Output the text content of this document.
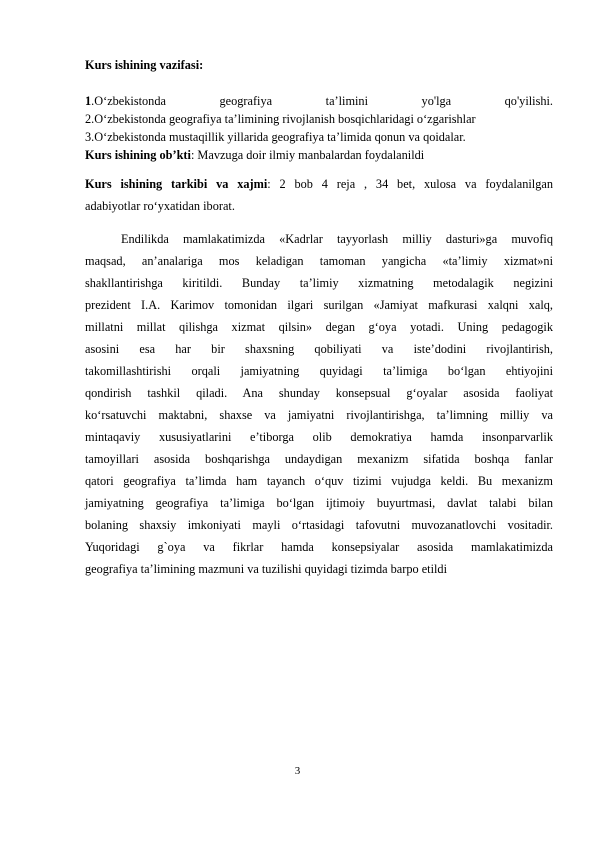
Kurs ishining vazifasi:
1.O‘zbekistonda geografiya ta’limini yo'lga qo'yilishi.
2.O‘zbekistonda geografiya ta’limining rivojlanish bosqichlaridagi o‘zgarishlar
3.O‘zbekistonda mustaqillik yillarida geografiya ta’limida qonun va qoidalar.
Kurs ishining ob’kti: Mavzuga doir ilmiy manbalardan foydalanildi
Kurs ishining tarkibi va xajmi: 2 bob 4 reja , 34 bet, xulosa va foydalanilgan
adabiyotlar ro‘yxatidan iborat.
Endilikda mamlakatimizda «Kadrlar tayyorlash milliy dasturi»ga muvofiq
maqsad, an’analariga mos keladigan tamoman yangicha «ta’limiy xizmat»ni
shakllantirishga kiritildi. Bunday ta’limiy xizmatning metodalagik negizini
prezident I.A. Karimov tomonidan ilgari surilgan «Jamiyat mafkurasi xalqni xalq,
millatni millat qilishga xizmat qilsin» degan g‘oya yotadi. Uning pedagogik
asosini esa har bir shaxsning qobiliyati va iste’dodini rivojlantirish,
takomillashtirishi orqali jamiyatning quyidagi ta’limiga bo‘lgan ehtiyojini
qondirish tashkil qiladi. Ana shunday konsepsual g‘oyalar asosida faoliyat
ko‘rsatuvchi maktabni, shaxse va jamiyatni rivojlantirishga, ta’limning milliy va
mintaqaviy xususiyatlarini e’tiborga olib demokratiya hamda insonparvarlik
tamoyillari asosida boshqarishga undaydigan mexanizm sifatida boshqa fanlar
qatori geografiya ta’limda ham tayanch o‘quv tizimi vujudga keldi. Bu mexanizm
jamiyatning geografiya ta’limiga bo‘lgan ijtimoiy buyurtmasi, davlat talabi bilan
bolaning shaxsiy imkoniyati mayli o‘rtasidagi tafovutni muvozanatlovchi vositadir.
Yuqoridagi g`oya va fikrlar hamda konsepsiyalar asosida mamlakatimizda
geografiya ta’limining mazmuni va tuzilishi quyidagi tizimda barpo etildi
3
